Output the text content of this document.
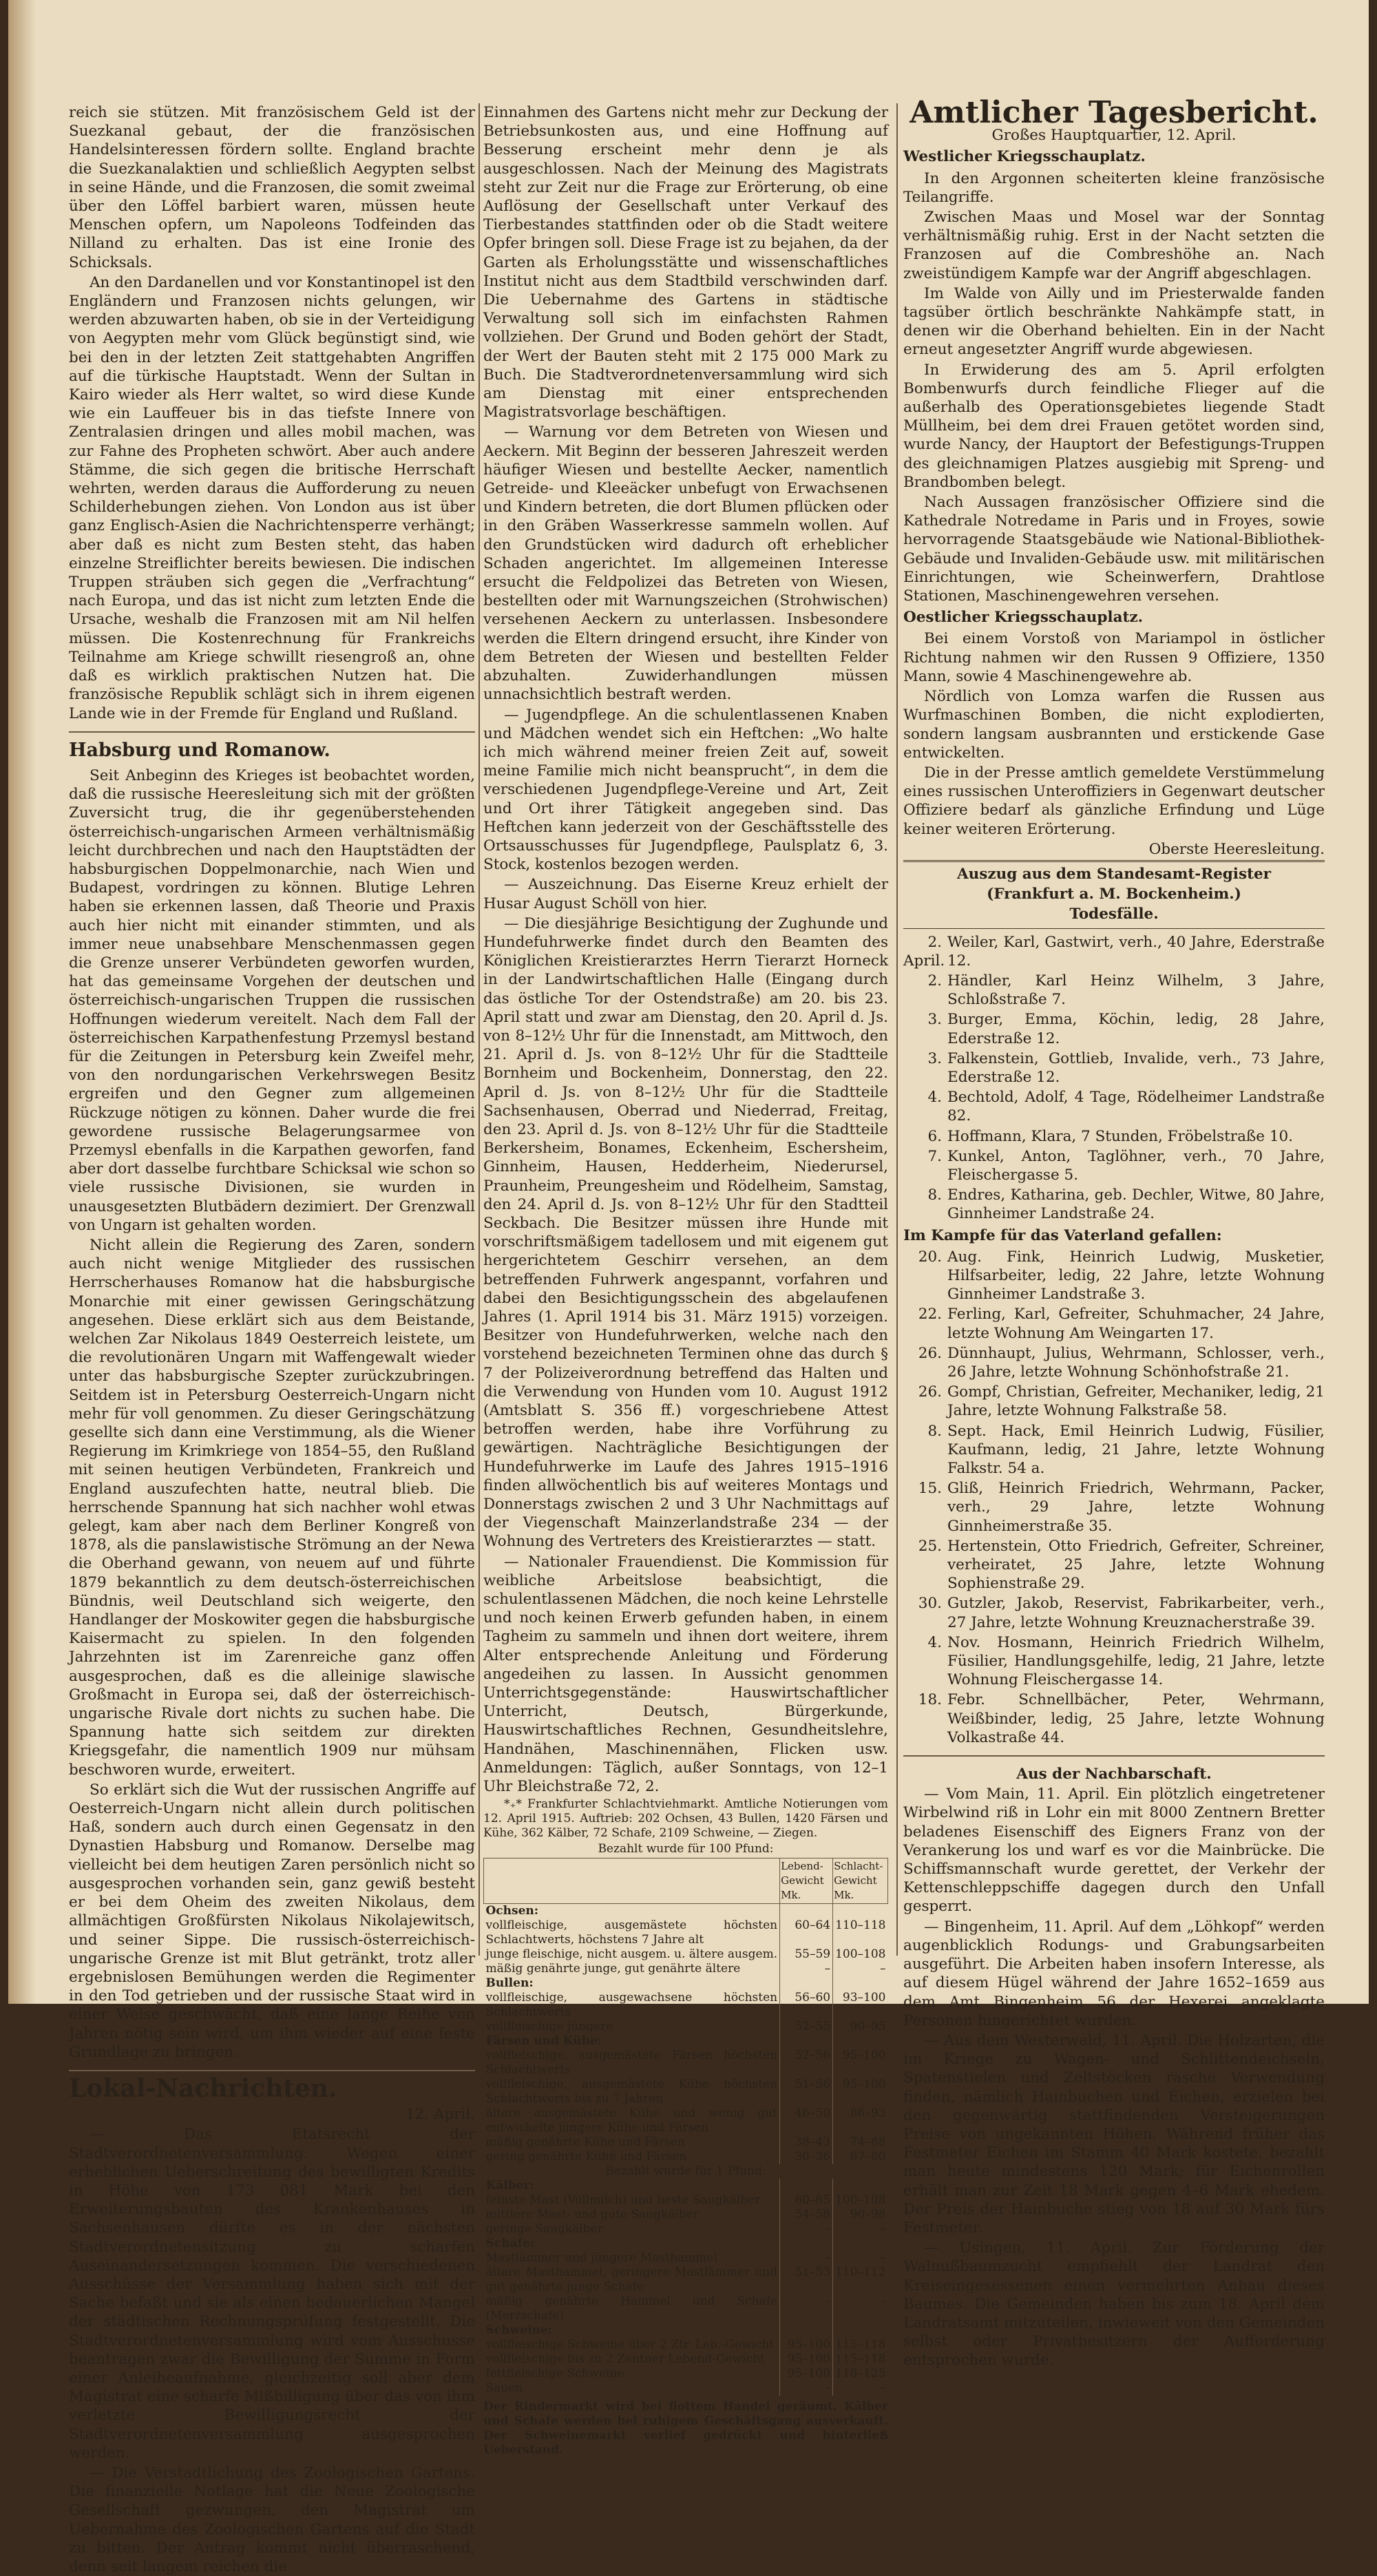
reich sie stützen. Mit französischem Geld ist der Suezkanal gebaut, der die französischen Handelsinteressen fördern sollte. England brachte die Suezkanalaktien und schließlich Aegypten selbst in seine Hände, und die Franzosen, die somit zweimal über den Löffel barbiert waren, müssen heute Menschen opfern, um Napoleons Todfeinden das Nilland zu erhalten. Das ist eine Ironie des Schicksals.

An den Dardanellen und vor Konstantinopel ist den Engländern und Franzosen nichts gelungen, wir werden abzuwarten haben, ob sie in der Verteidigung von Aegypten mehr vom Glück begünstigt sind, wie bei den in der letzten Zeit stattgehabten Angriffen auf die türkische Hauptstadt. Wenn der Sultan in Kairo wieder als Herr waltet, so wird diese Kunde wie ein Lauffeuer bis in das tiefste Innere von Zentralasien dringen und alles mobil machen, was zur Fahne des Propheten schwört. Aber auch andere Stämme, die sich gegen die britische Herrschaft wehrten, werden daraus die Aufforderung zu neuen Schilderhebungen ziehen. Von London aus ist über ganz Englisch-Asien die Nachrichtensperre verhängt; aber daß es nicht zum Besten steht, das haben einzelne Streiflichter bereits bewiesen. Die indischen Truppen sträuben sich gegen die „Verfrachtung“ nach Europa, und das ist nicht zum letzten Ende die Ursache, weshalb die Franzosen mit am Nil helfen müssen. Die Kostenrechnung für Frankreichs Teilnahme am Kriege schwillt riesengroß an, ohne daß es wirklich praktischen Nutzen hat. Die französische Republik schlägt sich in ihrem eigenen Lande wie in der Fremde für England und Rußland.

Habsburg und Romanow.

Seit Anbeginn des Krieges ist beobachtet worden, daß die russische Heeresleitung sich mit der größten Zuversicht trug, die ihr gegenüberstehenden österreichisch-ungarischen Armeen verhältnismäßig leicht durchbrechen und nach den Hauptstädten der habsburgischen Doppelmonarchie, nach Wien und Budapest, vordringen zu können. Blutige Lehren haben sie erkennen lassen, daß Theorie und Praxis auch hier nicht mit einander stimmten, und als immer neue unabsehbare Menschenmassen gegen die Grenze unserer Verbündeten geworfen wurden, hat das gemeinsame Vorgehen der deutschen und österreichisch-ungarischen Truppen die russischen Hoffnungen wiederum vereitelt. Nach dem Fall der österreichischen Karpathenfestung Przemysl bestand für die Zeitungen in Petersburg kein Zweifel mehr, von den nordungarischen Verkehrswegen Besitz ergreifen und den Gegner zum allgemeinen Rückzuge nötigen zu können. Daher wurde die frei gewordene russische Belagerungsarmee von Przemysl ebenfalls in die Karpathen geworfen, fand aber dort dasselbe furchtbare Schicksal wie schon so viele russische Divisionen, sie wurden in unausgesetzten Blutbädern dezimiert. Der Grenzwall von Ungarn ist gehalten worden.

Nicht allein die Regierung des Zaren, sondern auch nicht wenige Mitglieder des russischen Herrscherhauses Romanow hat die habsburgische Monarchie mit einer gewissen Geringschätzung angesehen. Diese erklärt sich aus dem Beistande, welchen Zar Nikolaus 1849 Oesterreich leistete, um die revolutionären Ungarn mit Waffengewalt wieder unter das habsburgische Szepter zurückzubringen. Seitdem ist in Petersburg Oesterreich-Ungarn nicht mehr für voll genommen. Zu dieser Geringschätzung gesellte sich dann eine Verstimmung, als die Wiener Regierung im Krimkriege von 1854–55, den Rußland mit seinen heutigen Verbündeten, Frankreich und England auszufechten hatte, neutral blieb. Die herrschende Spannung hat sich nachher wohl etwas gelegt, kam aber nach dem Berliner Kongreß von 1878, als die panslawistische Strömung an der Newa die Oberhand gewann, von neuem auf und führte 1879 bekanntlich zu dem deutsch-österreichischen Bündnis, weil Deutschland sich weigerte, den Handlanger der Moskowiter gegen die habsburgische Kaisermacht zu spielen. In den folgenden Jahrzehnten ist im Zarenreiche ganz offen ausgesprochen, daß es die alleinige slawische Großmacht in Europa sei, daß der österreichisch-ungarische Rivale dort nichts zu suchen habe. Die Spannung hatte sich seitdem zur direkten Kriegsgefahr, die namentlich 1909 nur mühsam beschworen wurde, erweitert.

So erklärt sich die Wut der russischen Angriffe auf Oesterreich-Ungarn nicht allein durch politischen Haß, sondern auch durch einen Gegensatz in den Dynastien Habsburg und Romanow. Derselbe mag vielleicht bei dem heutigen Zaren persönlich nicht so ausgesprochen vorhanden sein, ganz gewiß besteht er bei dem Oheim des zweiten Nikolaus, dem allmächtigen Großfürsten Nikolaus Nikolajewitsch, und seiner Sippe. Die russisch-österreichisch-ungarische Grenze ist mit Blut getränkt, trotz aller ergebnislosen Bemühungen werden die Regimenter in den Tod getrieben und der russische Staat wird in einer Weise geschwächt, daß eine lange Reihe von Jahren nötig sein wird, um ihm wieder auf eine feste Grundlage zu bringen.

Lokal-Nachrichten.

12. April.

— Das Etatsrecht der Stadtverordnetenversammlung. Wegen einer erheblichen Ueberschreitung des bewilligten Kredits in Höhe von 173 081 Mark bei den Erweiterungsbauten des Krankenhauses in Sachsenhausen dürfte es in der nächsten Stadtverordnetensitzung zu scharfen Auseinandersetzungen kommen. Die verschiedenen Ausschüsse der Versammlung haben sich mit der Sache befaßt und sie als einen bedauerlichen Mangel der städtischen Rechnungsprüfung festgestellt. Die Stadtverordnetenversammlung wird vom Ausschusse beantragen zwar die Bewilligung der Summe in Form einer Anleiheaufnahme, gleichzeitig soll aber dem Magistrat eine scharfe Mißbilligung über das von ihm verletzte Bewilligungsrecht der Stadtverordnetenversammlung ausgesprochen werden.

— Die Verstadtlichung des Zoologischen Gartens. Die finanzielle Notlage hat die Neue Zoologische Gesellschaft gezwungen, den Magistrat um Uebernahme des Zoologischen Gartens auf die Stadt zu bitten. Der Antrag kommt nicht überraschend, denn seit langem reichen die

Einnahmen des Gartens nicht mehr zur Deckung der Betriebsunkosten aus, und eine Hoffnung auf Besserung erscheint mehr denn je als ausgeschlossen. Nach der Meinung des Magistrats steht zur Zeit nur die Frage zur Erörterung, ob eine Auflösung der Gesellschaft unter Verkauf des Tierbestandes stattfinden oder ob die Stadt weitere Opfer bringen soll. Diese Frage ist zu bejahen, da der Garten als Erholungsstätte und wissenschaftliches Institut nicht aus dem Stadtbild verschwinden darf. Die Uebernahme des Gartens in städtische Verwaltung soll sich im einfachsten Rahmen vollziehen. Der Grund und Boden gehört der Stadt, der Wert der Bauten steht mit 2 175 000 Mark zu Buch. Die Stadtverordnetenversammlung wird sich am Dienstag mit einer entsprechenden Magistratsvorlage beschäftigen.

— Warnung vor dem Betreten von Wiesen und Aeckern. Mit Beginn der besseren Jahreszeit werden häufiger Wiesen und bestellte Aecker, namentlich Getreide- und Kleeäcker unbefugt von Erwachsenen und Kindern betreten, die dort Blumen pflücken oder in den Gräben Wasserkresse sammeln wollen. Auf den Grundstücken wird dadurch oft erheblicher Schaden angerichtet. Im allgemeinen Interesse ersucht die Feldpolizei das Betreten von Wiesen, bestellten oder mit Warnungszeichen (Strohwischen) versehenen Aeckern zu unterlassen. Insbesondere werden die Eltern dringend ersucht, ihre Kinder von dem Betreten der Wiesen und bestellten Felder abzuhalten. Zuwiderhandlungen müssen unnachsichtlich bestraft werden.

— Jugendpflege. An die schulentlassenen Knaben und Mädchen wendet sich ein Heftchen: „Wo halte ich mich während meiner freien Zeit auf, soweit meine Familie mich nicht beansprucht“, in dem die verschiedenen Jugendpflege-Vereine und Art, Zeit und Ort ihrer Tätigkeit angegeben sind. Das Heftchen kann jederzeit von der Geschäftsstelle des Ortsausschusses für Jugendpflege, Paulsplatz 6, 3. Stock, kostenlos bezogen werden.

— Auszeichnung. Das Eiserne Kreuz erhielt der Husar August Schöll von hier.

— Die diesjährige Besichtigung der Zughunde und Hundefuhrwerke findet durch den Beamten des Königlichen Kreistierarztes Herrn Tierarzt Horneck in der Landwirtschaftlichen Halle (Eingang durch das östliche Tor der Ostendstraße) am 20. bis 23. April statt und zwar am Dienstag, den 20. April d. Js. von 8–12½ Uhr für die Innenstadt, am Mittwoch, den 21. April d. Js. von 8–12½ Uhr für die Stadtteile Bornheim und Bockenheim, Donnerstag, den 22. April d. Js. von 8–12½ Uhr für die Stadtteile Sachsenhausen, Oberrad und Niederrad, Freitag, den 23. April d. Js. von 8–12½ Uhr für die Stadtteile Berkersheim, Bonames, Eckenheim, Eschersheim, Ginnheim, Hausen, Hedderheim, Niederursel, Praunheim, Preungesheim und Rödelheim, Samstag, den 24. April d. Js. von 8–12½ Uhr für den Stadtteil Seckbach. Die Besitzer müssen ihre Hunde mit vorschriftsmäßigem tadellosem und mit eigenem gut hergerichtetem Geschirr versehen, an dem betreffenden Fuhrwerk angespannt, vorfahren und dabei den Besichtigungsschein des abgelaufenen Jahres (1. April 1914 bis 31. März 1915) vorzeigen. Besitzer von Hundefuhrwerken, welche nach den vorstehend bezeichneten Terminen ohne das durch § 7 der Polizeiverordnung betreffend das Halten und die Verwendung von Hunden vom 10. August 1912 (Amtsblatt S. 356 ff.) vorgeschriebene Attest betroffen werden, habe ihre Vorführung zu gewärtigen. Nachträgliche Besichtigungen der Hundefuhrwerke im Laufe des Jahres 1915–1916 finden allwöchentlich bis auf weiteres Montags und Donnerstags zwischen 2 und 3 Uhr Nachmittags auf der Viegenschaft Mainzerlandstraße 234 — der Wohnung des Vertreters des Kreistierarztes — statt.

— Nationaler Frauendienst. Die Kommission für weibliche Arbeitslose beabsichtigt, die schulentlassenen Mädchen, die noch keine Lehrstelle und noch keinen Erwerb gefunden haben, in einem Tagheim zu sammeln und ihnen dort weitere, ihrem Alter entsprechende Anleitung und Förderung angedeihen zu lassen. In Aussicht genommen Unterrichtsgegenstände: Hauswirtschaftlicher Unterricht, Deutsch, Bürgerkunde, Hauswirtschaftliches Rechnen, Gesundheitslehre, Handnähen, Maschinennähen, Flicken usw. Anmeldungen: Täglich, außer Sonntags, von 12–1 Uhr Bleichstraße 72, 2.

*₊* Frankfurter Schlachtviehmarkt. Amtliche Notierungen vom 12. April 1915. Auftrieb: 202 Ochsen, 43 Bullen, 1420 Färsen und Kühe, 362 Kälber, 72 Schafe, 2109 Schweine, — Ziegen.

Bezahlt wurde für 100 Pfund:

	Lebend-Gewicht Mk.	Schlacht-Gewicht Mk.
Ochsen:		
vollfleischige, ausgemästete höchsten Schlachtwerts, höchstens 7 Jahre alt	60–64	110–118
junge fleischige, nicht ausgem. u. ältere ausgem.	55–59	100–108
mäßig genährte junge, gut genährte ältere	–	–
Bullen:		
vollfleischige, ausgewachsene höchsten Schlachtwerts	56–60	93–100
vollfleischige jüngere	52–55	90–95
Färsen und Kühe:		
vollfleischige, ausgemästete Färsen höchsten Schlachtwerts	52–56	95–100
vollfleischige, ausgemästete Kühe höchsten Schlachtwerts bis zu 7 Jahren	51–56	95–100
ältere ausgemästete Kühe und wenig gut entwickelte jüngere Kühe und Färsen	46–50	86–93
mäßig genährte Kühe und Färsen	38–43	74–88
gering genährte Kühe und Färsen	30–36	67–80
Bezahlt wurde für 1 Pfund:		
Kälber:		
feinste Mast (Vollmilch) und beste Saugkälber	60–65	100–108
mittlere Mast- und gute Saugkälber	54–58	90–98
geringe Saugkälber	–	–
Schafe:		
Mastlämmer und jüngere Masthammel	–	–
ältere Masthammel, geringere Mastlämmer und gut genährte junge Schafe	51–53	110–112
mäßig genährte Hammel und Schafe (Merzschafe)	–	–
Schweine:		
vollfleischige Schweine über 2 Ztr. Leb.-Gewicht	95–100	115–118
vollfleischige bis zu 2 Zentner Lebend-Gewicht	95–100	115–118
fettfleischige Schweine	95–100	118–125
Sauen	–	–

Der Rindermarkt wird bei flottem Handel geräumt. Kälber und Schafe werden bei ruhigem Geschäftsgang ausverkauft. Der Schweinemarkt verlief gedrückt und hinterließ Ueberstand.

Amtlicher Tagesbericht.

Großes Hauptquartier, 12. April.

Westlicher Kriegsschauplatz.

In den Argonnen scheiterten kleine französische Teilangriffe.

Zwischen Maas und Mosel war der Sonntag verhältnismäßig ruhig. Erst in der Nacht setzten die Franzosen auf die Combreshöhe an. Nach zweistündigem Kampfe war der Angriff abgeschlagen.

Im Walde von Ailly und im Priesterwalde fanden tagsüber örtlich beschränkte Nahkämpfe statt, in denen wir die Oberhand behielten. Ein in der Nacht erneut angesetzter Angriff wurde abgewiesen.

In Erwiderung des am 5. April erfolgten Bombenwurfs durch feindliche Flieger auf die außerhalb des Operationsgebietes liegende Stadt Müllheim, bei dem drei Frauen getötet worden sind, wurde Nancy, der Hauptort der Befestigungs-Truppen des gleichnamigen Platzes ausgiebig mit Spreng- und Brandbomben belegt.

Nach Aussagen französischer Offiziere sind die Kathedrale Notredame in Paris und in Froyes, sowie hervorragende Staatsgebäude wie National-Bibliothek-Gebäude und Invaliden-Gebäude usw. mit militärischen Einrichtungen, wie Scheinwerfern, Drahtlose Stationen, Maschinengewehren versehen.

Oestlicher Kriegsschauplatz.

Bei einem Vorstoß von Mariampol in östlicher Richtung nahmen wir den Russen 9 Offiziere, 1350 Mann, sowie 4 Maschinengewehre ab.

Nördlich von Lomza warfen die Russen aus Wurfmaschinen Bomben, die nicht explodierten, sondern langsam ausbrannten und erstickende Gase entwickelten.

Die in der Presse amtlich gemeldete Verstümmelung eines russischen Unteroffiziers in Gegenwart deutscher Offiziere bedarf als gänzliche Erfindung und Lüge keiner weiteren Erörterung.

Oberste Heeresleitung.

Auszug aus dem Standesamt-Register

(Frankfurt a. M. Bockenheim.)

Todesfälle.

2. April.
Weiler, Karl, Gastwirt, verh., 40 Jahre, Ederstraße 12.

2. Händler, Karl Heinz Wilhelm, 3 Jahre, Schloßstraße 7.

3. Burger, Emma, Köchin, ledig, 28 Jahre, Ederstraße 12.

3. Falkenstein, Gottlieb, Invalide, verh., 73 Jahre, Ederstraße 12.

4. Bechtold, Adolf, 4 Tage, Rödelheimer Landstraße 82.

6. Hoffmann, Klara, 7 Stunden, Fröbelstraße 10.

7. Kunkel, Anton, Taglöhner, verh., 70 Jahre, Fleischergasse 5.

8. Endres, Katharina, geb. Dechler, Witwe, 80 Jahre, Ginnheimer Landstraße 24.

Im Kampfe für das Vaterland gefallen:

20. Aug. Fink, Heinrich Ludwig, Musketier, Hilfsarbeiter, ledig, 22 Jahre, letzte Wohnung Ginnheimer Landstraße 3.

22. Ferling, Karl, Gefreiter, Schuhmacher, 24 Jahre, letzte Wohnung Am Weingarten 17.

26. Dünnhaupt, Julius, Wehrmann, Schlosser, verh., 26 Jahre, letzte Wohnung Schönhofstraße 21.

26. Gompf, Christian, Gefreiter, Mechaniker, ledig, 21 Jahre, letzte Wohnung Falkstraße 58.

8. Sept. Hack, Emil Heinrich Ludwig, Füsilier, Kaufmann, ledig, 21 Jahre, letzte Wohnung Falkstr. 54 a.

15. Gliß, Heinrich Friedrich, Wehrmann, Packer, verh., 29 Jahre, letzte Wohnung Ginnheimerstraße 35.

25. Hertenstein, Otto Friedrich, Gefreiter, Schreiner, verheiratet, 25 Jahre, letzte Wohnung Sophienstraße 29.

30. Gutzler, Jakob, Reservist, Fabrikarbeiter, verh., 27 Jahre, letzte Wohnung Kreuznacherstraße 39.

4. Nov. Hosmann, Heinrich Friedrich Wilhelm, Füsilier, Handlungsgehilfe, ledig, 21 Jahre, letzte Wohnung Fleischergasse 14.

18. Febr. Schnellbächer, Peter, Wehrmann, Weißbinder, ledig, 25 Jahre, letzte Wohnung Volkastraße 44.

Aus der Nachbarschaft.

— Vom Main, 11. April. Ein plötzlich eingetretener Wirbelwind riß in Lohr ein mit 8000 Zentnern Bretter beladenes Eisenschiff des Eigners Franz von der Verankerung los und warf es vor die Mainbrücke. Die Schiffsmannschaft wurde gerettet, der Verkehr der Kettenschleppschiffe dagegen durch den Unfall gesperrt.

— Bingenheim, 11. April. Auf dem „Löhkopf“ werden augenblicklich Rodungs- und Grabungsarbeiten ausgeführt. Die Arbeiten haben insofern Interesse, als auf diesem Hügel während der Jahre 1652–1659 aus dem Amt Bingenheim 56 der Hexerei angeklagte Personen hingerichtet wurden.

— Aus dem Westerwald, 11. April. Die Holzarten, die im Kriege zu Wagen- und Schlittendeichseln, Spatenstielen und Zeltstöcken rasche Verwendung finden, nämlich Hainbuchen und Eichen, erzielen bei den gegenwärtig stattfindenden Versteigerungen Preise von ungekannten Höhen. Während früher das Festmeter Eichen im Stamm 40 Mark kostete, bezahlt man heute mindestens 120 Mark; für Eichenrollen erhält man zur Zeit 18 Mark gegen 4–6 Mark ehedem. Der Preis der Hainbuche stieg von 18 auf 30 Mark fürs Festmeter.

— Usingen, 11. April. Zur Förderung der Walnußbaumzucht empfiehlt der Landrat den Kreiseingesessenen einen vermehrten Anbau dieses Baumes. Die Gemeinden haben bis zum 18. April dem Landratsamt mitzuteilen, inwieweit von den Gemeinden selbst oder Privatbesitzern der Aufforderung entsprochen wurde.
